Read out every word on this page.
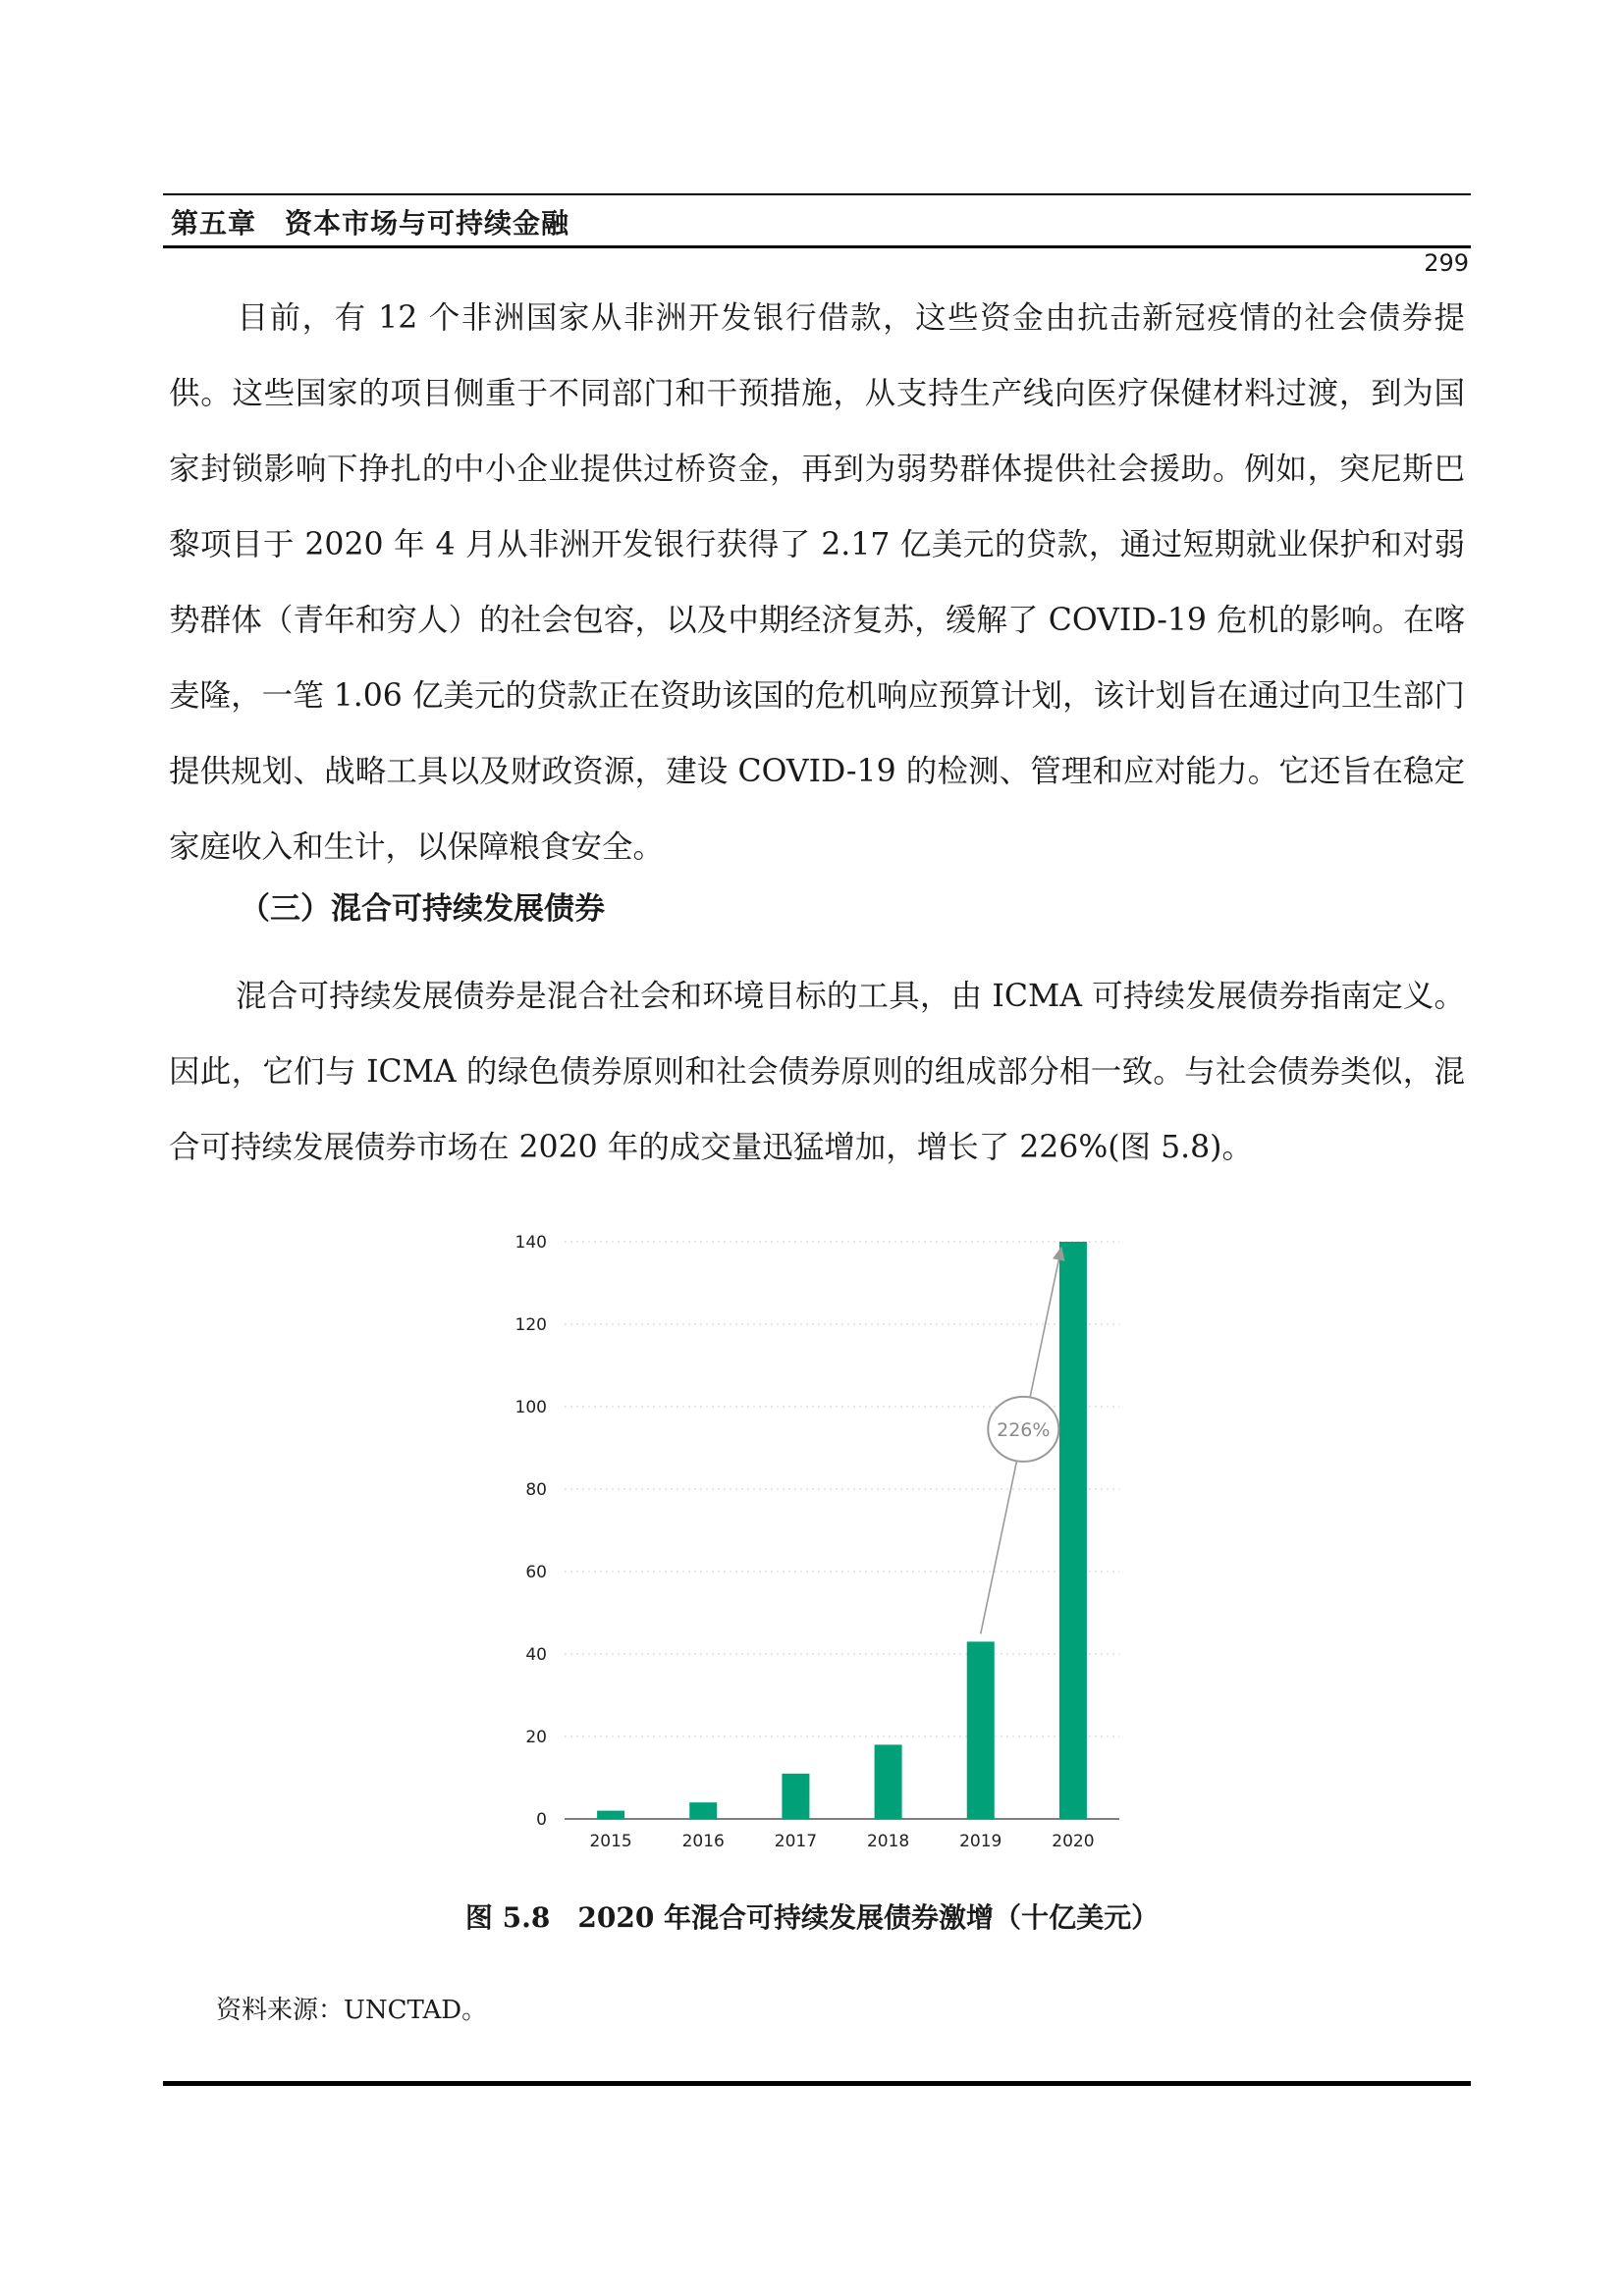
第五章　资本市场与可持续金融
299

目前，有 12 个非洲国家从非洲开发银行借款，这些资金由抗击新冠疫情的社会债券提供。这些国家的项目侧重于不同部门和干预措施，从支持生产线向医疗保健材料过渡，到为国家封锁影响下挣扎的中小企业提供过桥资金，再到为弱势群体提供社会援助。例如，突尼斯巴黎项目于 2020 年 4 月从非洲开发银行获得了 2.17 亿美元的贷款，通过短期就业保护和对弱势群体（青年和穷人）的社会包容，以及中期经济复苏，缓解了 COVID-19 危机的影响。在喀麦隆，一笔 1.06 亿美元的贷款正在资助该国的危机响应预算计划，该计划旨在通过向卫生部门提供规划、战略工具以及财政资源，建设 COVID-19 的检测、管理和应对能力。它还旨在稳定家庭收入和生计，以保障粮食安全。

（三）混合可持续发展债券

混合可持续发展债券是混合社会和环境目标的工具，由 ICMA 可持续发展债券指南定义。因此，它们与 ICMA 的绿色债券原则和社会债券原则的组成部分相一致。与社会债券类似，混合可持续发展债券市场在 2020 年的成交量迅猛增加，增长了 226%(图 5.8)。

0
20
40
60
80
100
120
140
2015	2016	2017	2018	2019	2020
226%
图 5.8　2020 年混合可持续发展债券激增（十亿美元）
资料来源：UNCTAD。
